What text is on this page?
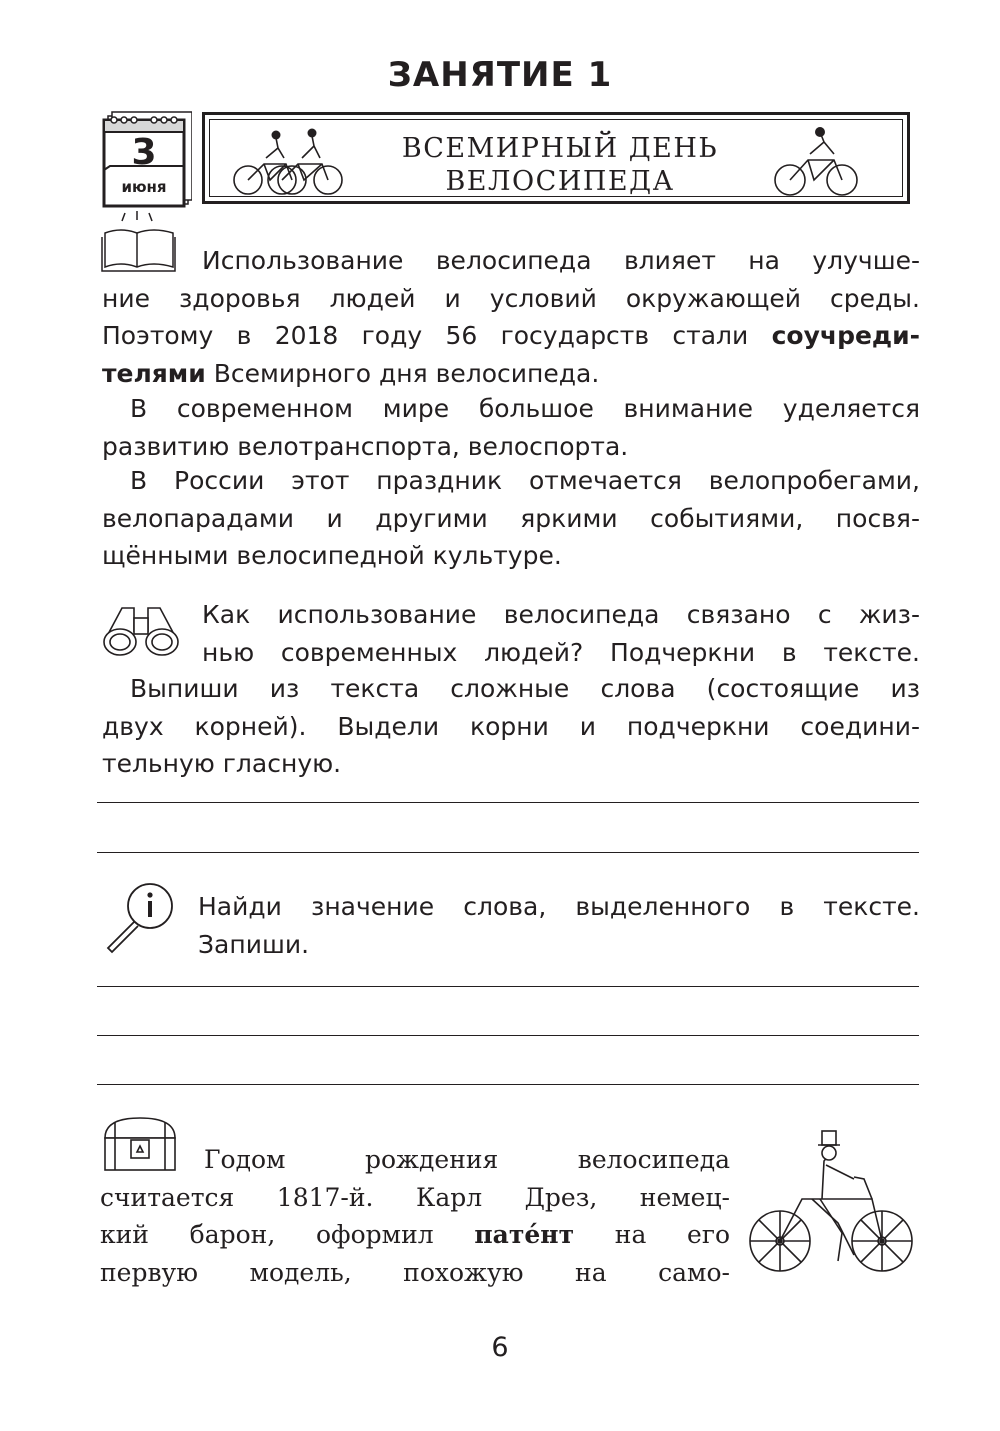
ЗАНЯТИЕ 1
3
июня
ВСЕМИРНЫЙ ДЕНЬ
ВЕЛОСИПЕДА
Использование велосипеда влияет на улучше-
ние здоровья людей и условий окружающей среды.
Поэтому в 2018 году 56 государств стали соучреди-
телями Всемирного дня велосипеда.
В современном мире большое внимание уделяется
развитию велотранспорта, велоспорта.
В России этот праздник отмечается велопробегами,
велопарадами и другими яркими событиями, посвя-
щёнными велосипедной культуре.
Как использование велосипеда связано с жиз-
нью современных людей? Подчеркни в тексте.
Выпиши из текста сложные слова (состоящие из
двух корней). Выдели корни и подчеркни соедини-
тельную гласную.
Найди значение слова, выделенного в тексте.
Запиши.
Годом рождения велосипеда
считается 1817-й. Карл Дрез, немец-
кий барон, оформил патéнт на его
первую модель, похожую на само-
6
